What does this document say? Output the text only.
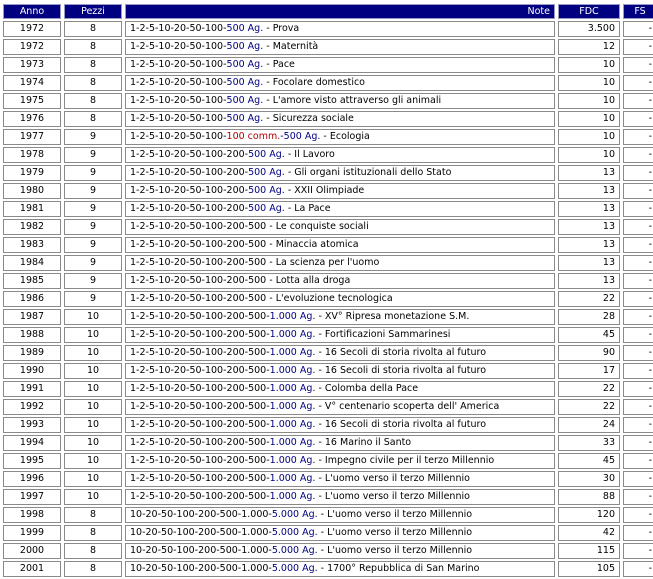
Anno	Pezzi	Note	FDC	FS
1972	8	1-2-5-10-20-50-100-500 Ag. - Prova	3.500	-
1972	8	1-2-5-10-20-50-100-500 Ag. - Maternità	12	-
1973	8	1-2-5-10-20-50-100-500 Ag. - Pace	10	-
1974	8	1-2-5-10-20-50-100-500 Ag. - Focolare domestico	10	-
1975	8	1-2-5-10-20-50-100-500 Ag. - L'amore visto attraverso gli animali	10	-
1976	8	1-2-5-10-20-50-100-500 Ag. - Sicurezza sociale	10	-
1977	9	1-2-5-10-20-50-100-100 comm.-500 Ag. - Ecologia	10	-
1978	9	1-2-5-10-20-50-100-200-500 Ag. - Il Lavoro	10	-
1979	9	1-2-5-10-20-50-100-200-500 Ag. - Gli organi istituzionali dello Stato	13	-
1980	9	1-2-5-10-20-50-100-200-500 Ag. - XXII Olimpiade	13	-
1981	9	1-2-5-10-20-50-100-200-500 Ag. - La Pace	13	-
1982	9	1-2-5-10-20-50-100-200-500 - Le conquiste sociali	13	-
1983	9	1-2-5-10-20-50-100-200-500 - Minaccia atomica	13	-
1984	9	1-2-5-10-20-50-100-200-500 - La scienza per l'uomo	13	-
1985	9	1-2-5-10-20-50-100-200-500 - Lotta alla droga	13	-
1986	9	1-2-5-10-20-50-100-200-500 - L'evoluzione tecnologica	22	-
1987	10	1-2-5-10-20-50-100-200-500-1.000 Ag. - XV° Ripresa monetazione S.M.	28	-
1988	10	1-2-5-10-20-50-100-200-500-1.000 Ag. - Fortificazioni Sammarinesi	45	-
1989	10	1-2-5-10-20-50-100-200-500-1.000 Ag. - 16 Secoli di storia rivolta al futuro	90	-
1990	10	1-2-5-10-20-50-100-200-500-1.000 Ag. - 16 Secoli di storia rivolta al futuro	17	-
1991	10	1-2-5-10-20-50-100-200-500-1.000 Ag. - Colomba della Pace	22	-
1992	10	1-2-5-10-20-50-100-200-500-1.000 Ag. - V° centenario scoperta dell' America	22	-
1993	10	1-2-5-10-20-50-100-200-500-1.000 Ag. - 16 Secoli di storia rivolta al futuro	24	-
1994	10	1-2-5-10-20-50-100-200-500-1.000 Ag. - 16 Marino il Santo	33	-
1995	10	1-2-5-10-20-50-100-200-500-1.000 Ag. - Impegno civile per il terzo Millennio	45	-
1996	10	1-2-5-10-20-50-100-200-500-1.000 Ag. - L'uomo verso il terzo Millennio	30	-
1997	10	1-2-5-10-20-50-100-200-500-1.000 Ag. - L'uomo verso il terzo Millennio	88	-
1998	8	10-20-50-100-200-500-1.000-5.000 Ag. - L'uomo verso il terzo Millennio	120	-
1999	8	10-20-50-100-200-500-1.000-5.000 Ag. - L'uomo verso il terzo Millennio	42	-
2000	8	10-20-50-100-200-500-1.000-5.000 Ag. - L'uomo verso il terzo Millennio	115	-
2001	8	10-20-50-100-200-500-1.000-5.000 Ag. - 1700° Repubblica di San Marino	105	-
